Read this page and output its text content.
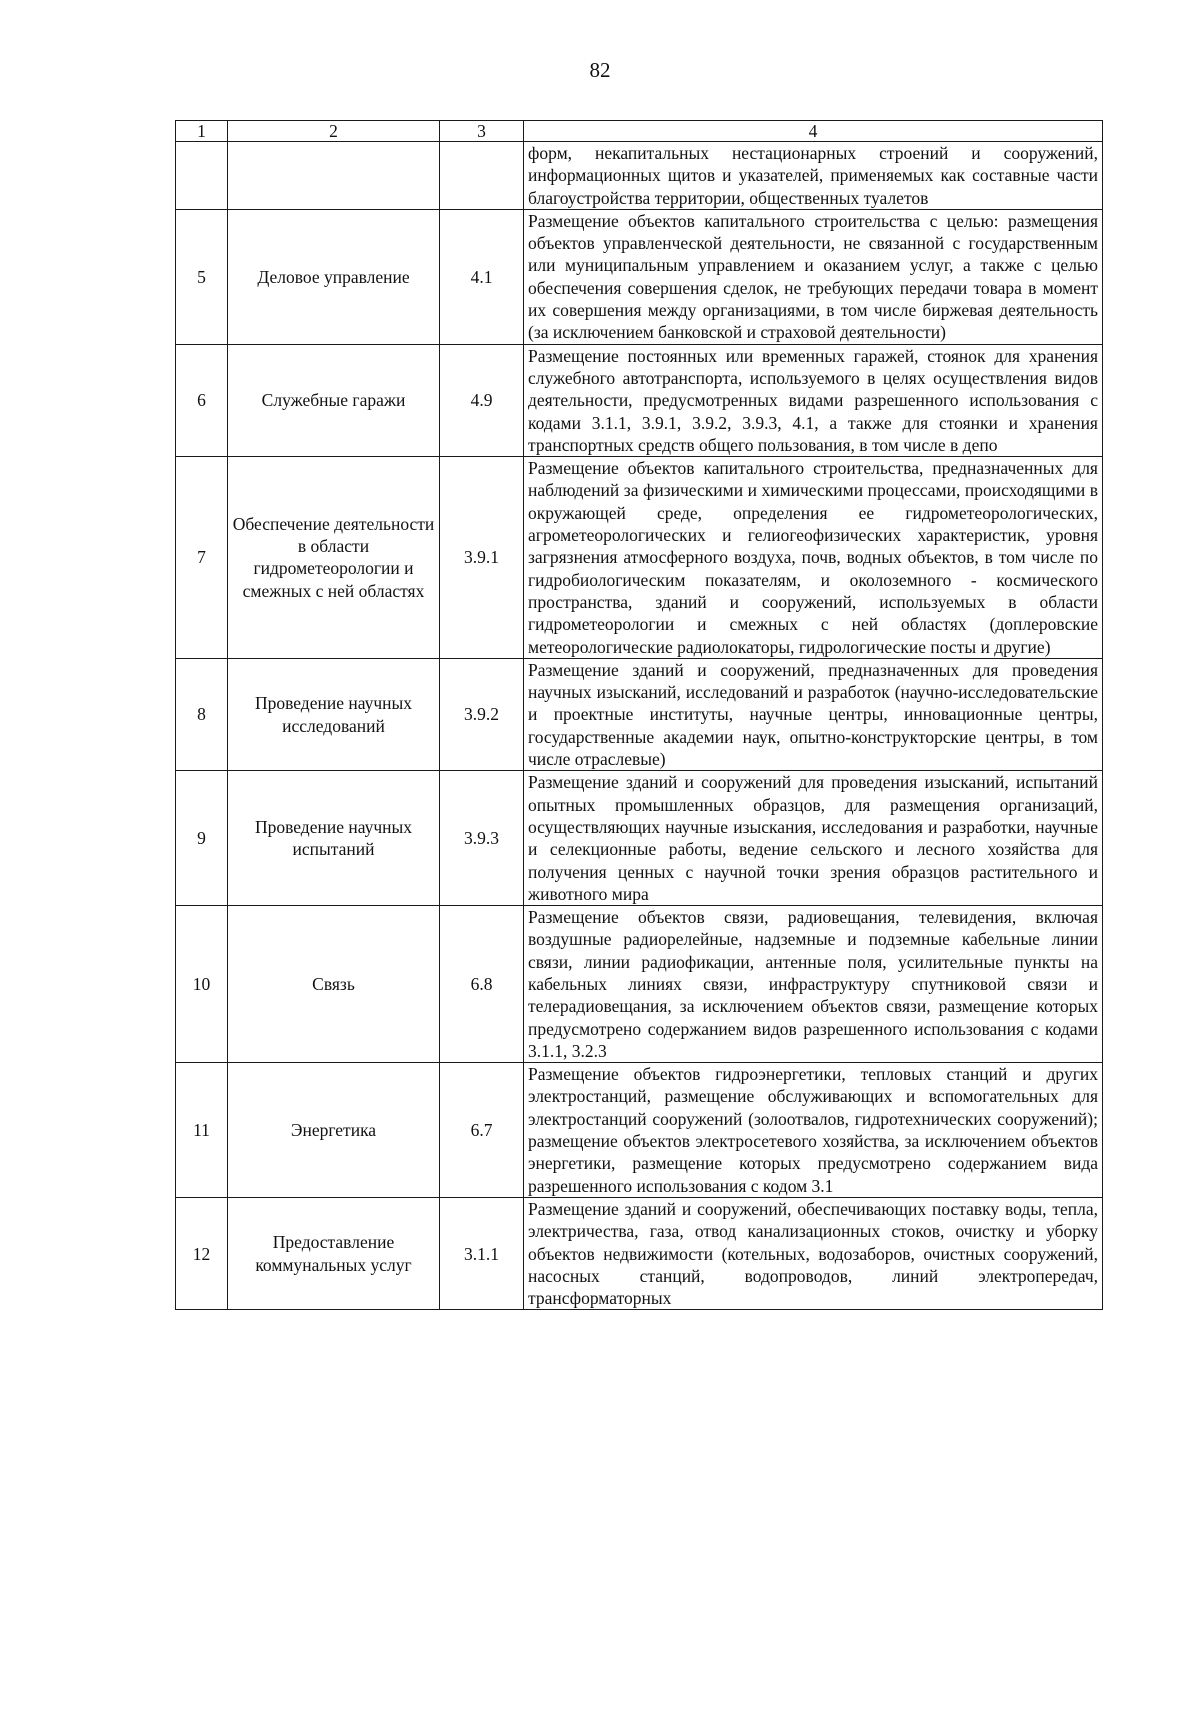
82
1	2	3	4
			форм, некапитальных нестационарных строений и сооружений, информационных щитов и указателей, применяемых как составные части благоустройства территории, общественных туалетов
5	Деловое управление	4.1	Размещение объектов капитального строительства с целью: размещения объектов управленческой деятельности, не связанной с государственным или муниципальным управлением и оказанием услуг, а также с целью обеспечения совершения сделок, не требующих передачи товара в момент их совершения между организациями, в том числе биржевая деятельность (за исключением банковской и страховой деятельности)
6	Служебные гаражи	4.9	Размещение постоянных или временных гаражей, стоянок для хранения служебного автотранспорта, используемого в целях осуществления видов деятельности, предусмотренных видами разрешенного использования с кодами 3.1.1, 3.9.1, 3.9.2, 3.9.3, 4.1, а также для стоянки и хранения транспортных средств общего пользования, в том числе в депо
7	Обеспечение деятельности в области гидрометеорологии и смежных с ней областях	3.9.1	Размещение объектов капитального строительства, предназначенных для наблюдений за физическими и химическими процессами, происходящими в окружающей среде, определения ее гидрометеорологических, агрометеорологических и гелиогеофизических характеристик, уровня загрязнения атмосферного воздуха, почв, водных объектов, в том числе по гидробиологическим показателям, и околоземного - космического пространства, зданий и сооружений, используемых в области гидрометеорологии и смежных с ней областях (доплеровские метеорологические радиолокаторы, гидрологические посты и другие)
8	Проведение научных исследований	3.9.2	Размещение зданий и сооружений, предназначенных для проведения научных изысканий, исследований и разработок (научно-исследовательские и проектные институты, научные центры, инновационные центры, государственные академии наук, опытно-конструкторские центры, в том числе отраслевые)
9	Проведение научных испытаний	3.9.3	Размещение зданий и сооружений для проведения изысканий, испытаний опытных промышленных образцов, для размещения организаций, осуществляющих научные изыскания, исследования и разработки, научные и селекционные работы, ведение сельского и лесного хозяйства для получения ценных с научной точки зрения образцов растительного и животного мира
10	Связь	6.8	Размещение объектов связи, радиовещания, телевидения, включая воздушные радиорелейные, надземные и подземные кабельные линии связи, линии радиофикации, антенные поля, усилительные пункты на кабельных линиях связи, инфраструктуру спутниковой связи и телерадиовещания, за исключением объектов связи, размещение которых предусмотрено содержанием видов разрешенного использования с кодами 3.1.1, 3.2.3
11	Энергетика	6.7	Размещение объектов гидроэнергетики, тепловых станций и других электростанций, размещение обслуживающих и вспомогательных для электростанций сооружений (золоотвалов, гидротехнических сооружений); размещение объектов электросетевого хозяйства, за исключением объектов энергетики, размещение которых предусмотрено содержанием вида разрешенного использования с кодом 3.1
12	Предоставление коммунальных услуг	3.1.1	Размещение зданий и сооружений, обеспечивающих поставку воды, тепла, электричества, газа, отвод канализационных стоков, очистку и уборку объектов недвижимости (котельных, водозаборов, очистных сооружений, насосных станций, водопроводов, линий электропередач, трансформаторных
